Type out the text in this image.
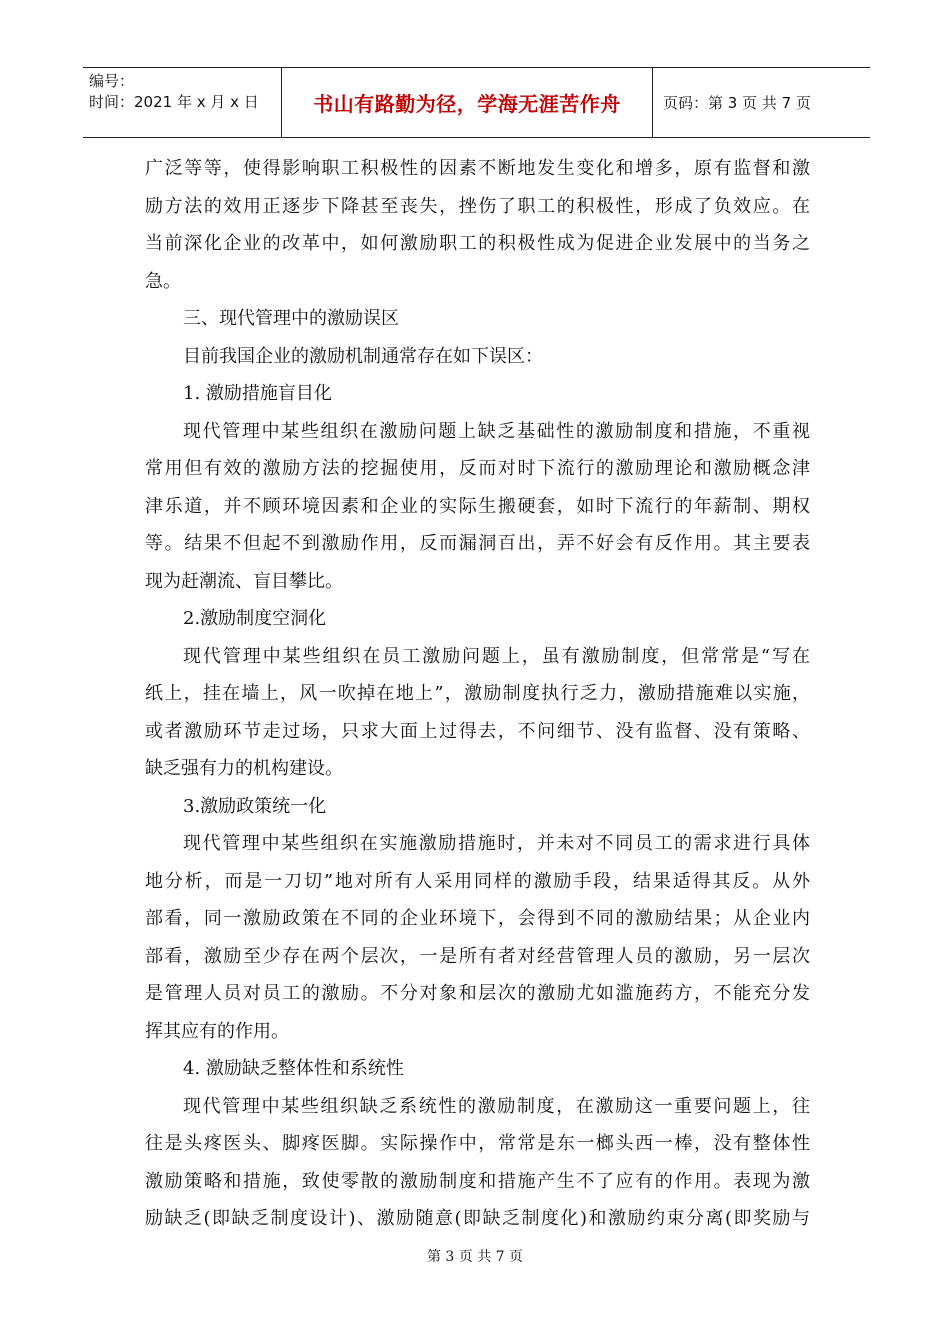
编号：
时间：2021 年 x 月 x 日	书山有路勤为径，学海无涯苦作舟	页码：第 3 页 共 7 页
广泛等等，使得影响职工积极性的因素不断地发生变化和增多，原有监督和激
励方法的效用正逐步下降甚至丧失，挫伤了职工的积极性，形成了负效应。在
当前深化企业的改革中，如何激励职工的积极性成为促进企业发展中的当务之
急。
三、现代管理中的激励误区
目前我国企业的激励机制通常存在如下误区：
1. 激励措施盲目化
现代管理中某些组织在激励问题上缺乏基础性的激励制度和措施，不重视
常用但有效的激励方法的挖掘使用，反而对时下流行的激励理论和激励概念津
津乐道，并不顾环境因素和企业的实际生搬硬套，如时下流行的年薪制、期权
等。结果不但起不到激励作用，反而漏洞百出，弄不好会有反作用。其主要表
现为赶潮流、盲目攀比。
2.激励制度空洞化
现代管理中某些组织在员工激励问题上，虽有激励制度，但常常是“写在
纸上，挂在墙上，风一吹掉在地上”，激励制度执行乏力，激励措施难以实施，
或者激励环节走过场，只求大面上过得去，不问细节、没有监督、没有策略、
缺乏强有力的机构建设。
3.激励政策统一化
现代管理中某些组织在实施激励措施时，并未对不同员工的需求进行具体
地分析，而是一刀切”地对所有人采用同样的激励手段，结果适得其反。从外
部看，同一激励政策在不同的企业环境下，会得到不同的激励结果；从企业内
部看，激励至少存在两个层次，一是所有者对经营管理人员的激励，另一层次
是管理人员对员工的激励。不分对象和层次的激励尤如滥施药方，不能充分发
挥其应有的作用。
4. 激励缺乏整体性和系统性
现代管理中某些组织缺乏系统性的激励制度，在激励这一重要问题上，往
往是头疼医头、脚疼医脚。实际操作中，常常是东一榔头西一棒，没有整体性
激励策略和措施，致使零散的激励制度和措施产生不了应有的作用。表现为激
励缺乏(即缺乏制度设计)、激励随意(即缺乏制度化)和激励约束分离(即奖励与
第 3 页 共 7 页
